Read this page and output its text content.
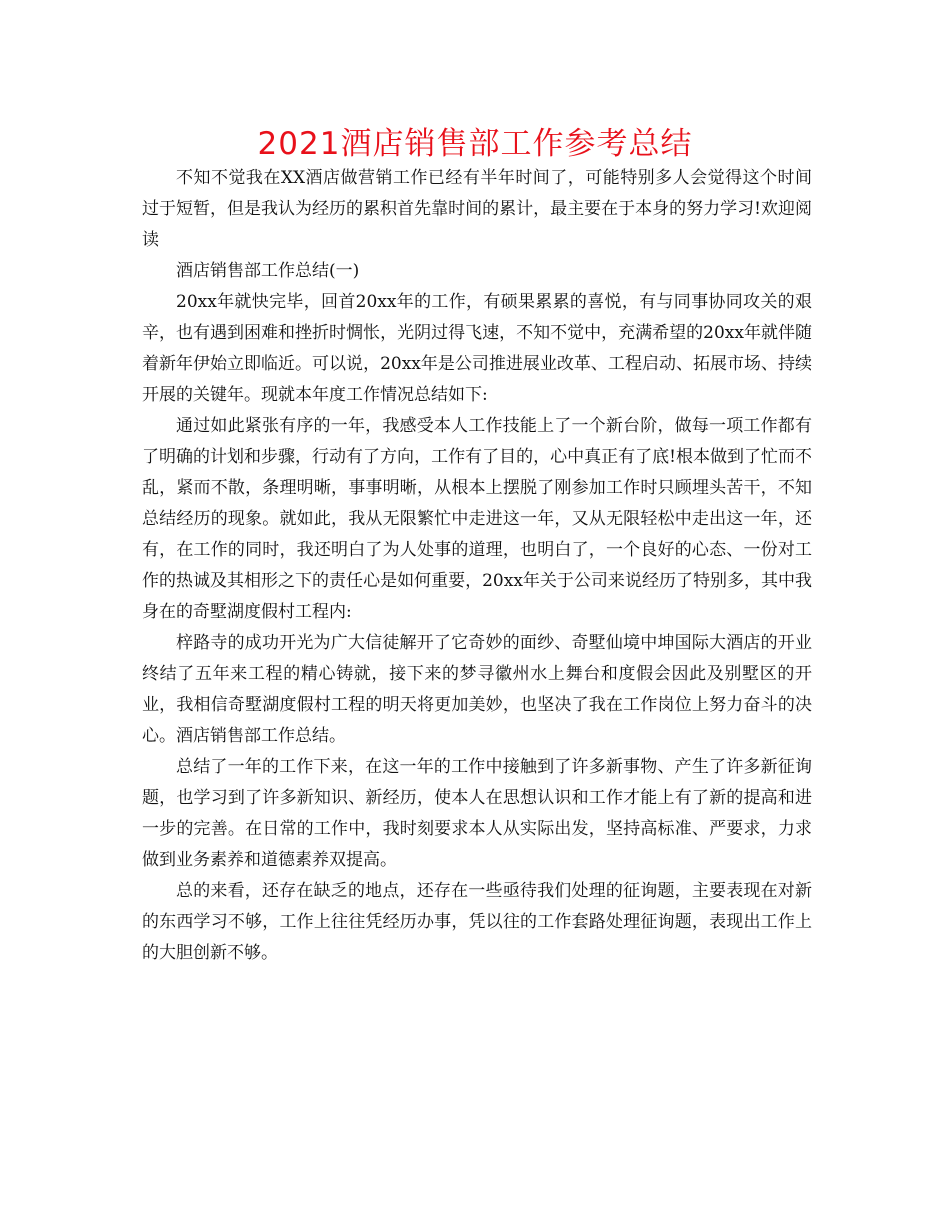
2021酒店销售部工作参考总结

不知不觉我在XX酒店做营销工作已经有半年时间了，可能特别多人会觉得这个时间过于短暂，但是我认为经历的累积首先靠时间的累计，最主要在于本身的努力学习!欢迎阅读

酒店销售部工作总结(一)

20xx年就快完毕，回首20xx年的工作，有硕果累累的喜悦，有与同事协同攻关的艰辛，也有遇到困难和挫折时惆怅，光阴过得飞速，不知不觉中，充满希望的20xx年就伴随着新年伊始立即临近。可以说，20xx年是公司推进展业改革、工程启动、拓展市场、持续开展的关键年。现就本年度工作情况总结如下:

通过如此紧张有序的一年，我感受本人工作技能上了一个新台阶，做每一项工作都有了明确的计划和步骤，行动有了方向，工作有了目的，心中真正有了底!根本做到了忙而不乱，紧而不散，条理明晰，事事明晰，从根本上摆脱了刚参加工作时只顾埋头苦干，不知总结经历的现象。就如此，我从无限繁忙中走进这一年，又从无限轻松中走出这一年，还有，在工作的同时，我还明白了为人处事的道理，也明白了，一个良好的心态、一份对工作的热诚及其相形之下的责任心是如何重要，20xx年关于公司来说经历了特别多，其中我身在的奇墅湖度假村工程内:

梓路寺的成功开光为广大信徒解开了它奇妙的面纱、奇墅仙境中坤国际大酒店的开业终结了五年来工程的精心铸就，接下来的梦寻徽州水上舞台和度假会因此及别墅区的开业，我相信奇墅湖度假村工程的明天将更加美妙，也坚决了我在工作岗位上努力奋斗的决心。酒店销售部工作总结。

总结了一年的工作下来，在这一年的工作中接触到了许多新事物、产生了许多新征询题，也学习到了许多新知识、新经历，使本人在思想认识和工作才能上有了新的提高和进一步的完善。在日常的工作中，我时刻要求本人从实际出发，坚持高标准、严要求，力求做到业务素养和道德素养双提高。

总的来看，还存在缺乏的地点，还存在一些亟待我们处理的征询题，主要表现在对新的东西学习不够，工作上往往凭经历办事，凭以往的工作套路处理征询题，表现出工作上的大胆创新不够。
